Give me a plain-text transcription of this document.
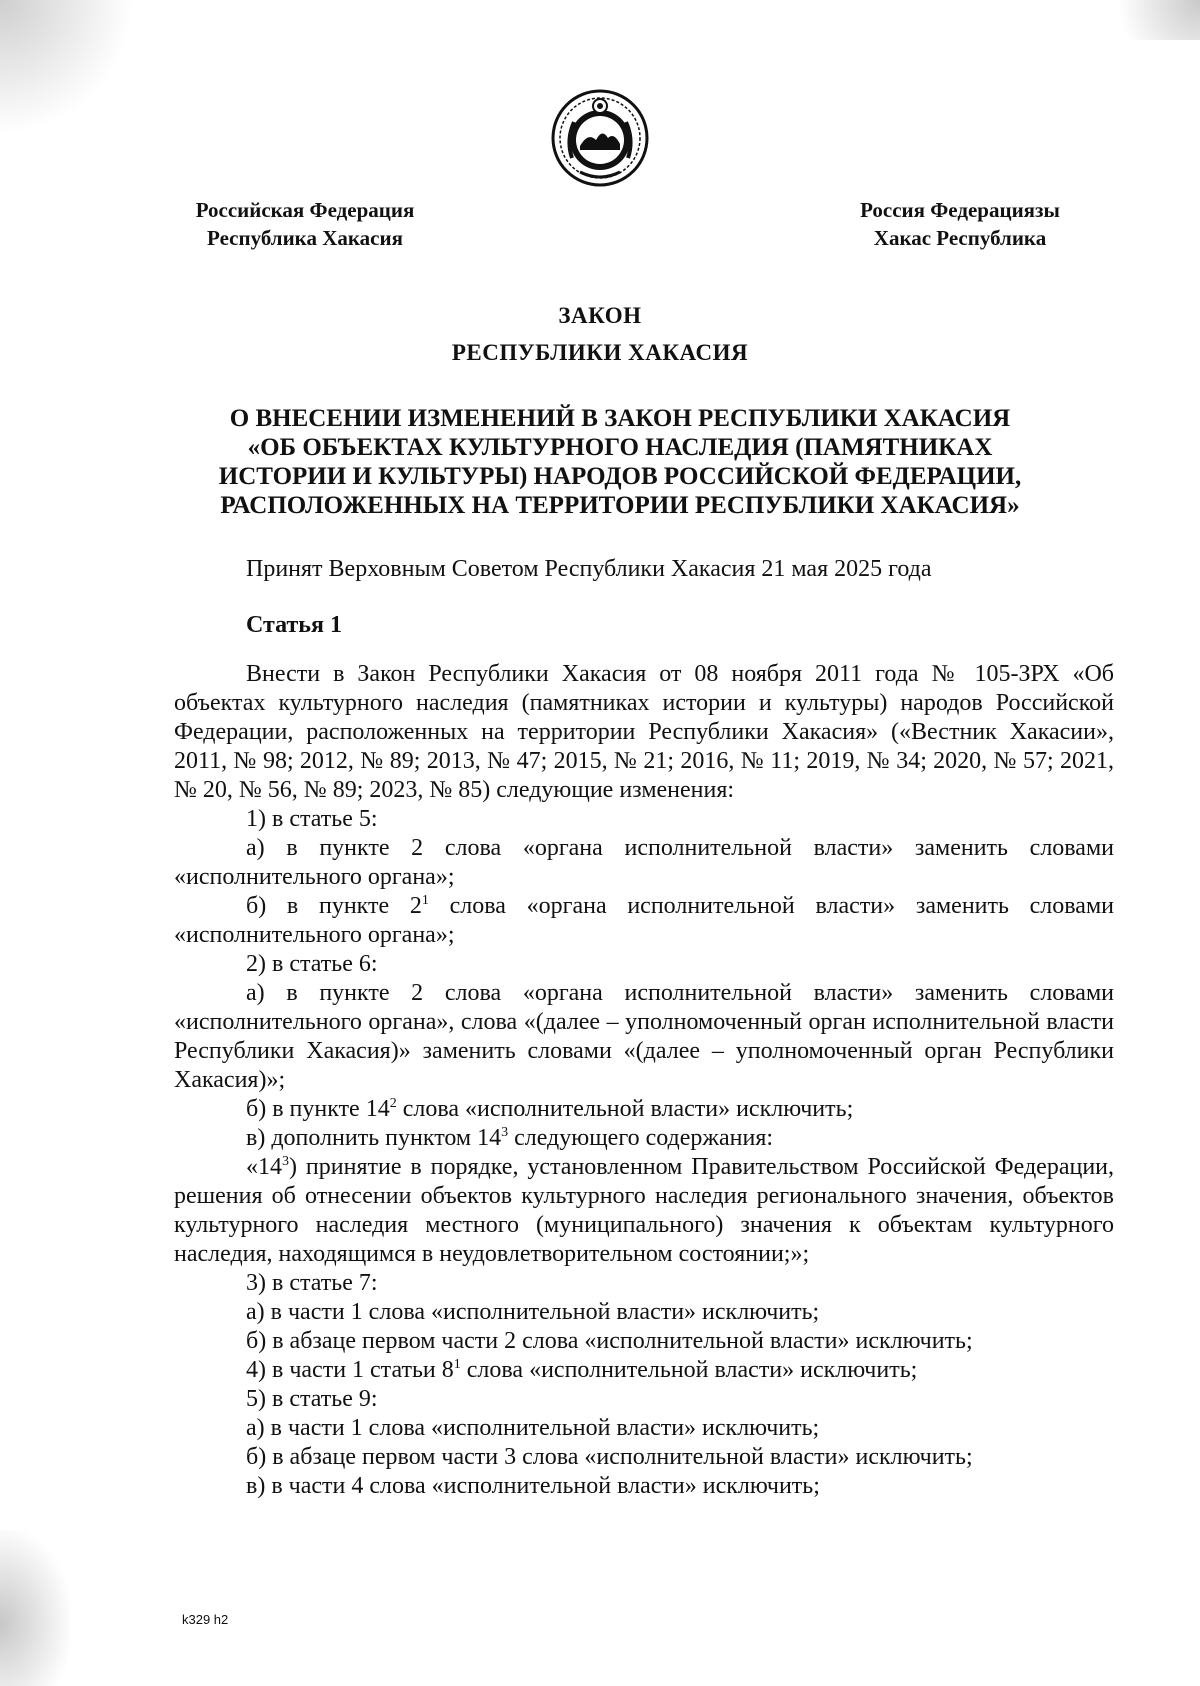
Российская Федерация
Республика Хакасия
Россия Федерациязы
Хакас Республика
ЗАКОН
РЕСПУБЛИКИ ХАКАСИЯ
О ВНЕСЕНИИ ИЗМЕНЕНИЙ В ЗАКОН РЕСПУБЛИКИ ХАКАСИЯ
«ОБ ОБЪЕКТАХ КУЛЬТУРНОГО НАСЛЕДИЯ (ПАМЯТНИКАХ
ИСТОРИИ И КУЛЬТУРЫ) НАРОДОВ РОССИЙСКОЙ ФЕДЕРАЦИИ,
РАСПОЛОЖЕННЫХ НА ТЕРРИТОРИИ РЕСПУБЛИКИ ХАКАСИЯ»
Принят Верховным Советом Республики Хакасия 21 мая 2025 года
Статья 1

Внести в Закон Республики Хакасия от 08 ноября 2011 года № 105-ЗРХ «Об объектах культурного наследия (памятниках истории и культуры) народов Российской Федерации, расположенных на территории Республики Хакасия» («Вестник Хакасии», 2011, № 98; 2012, № 89; 2013, № 47; 2015, № 21; 2016, № 11; 2019, № 34; 2020, № 57; 2021, № 20, № 56, № 89; 2023, № 85) следующие изменения:

1) в статье 5:

а) в пункте 2 слова «органа исполнительной власти» заменить словами «исполнительного органа»;

б) в пункте $2^1$ слова «органа исполнительной власти» заменить словами «исполнительного органа»;

2) в статье 6:

а) в пункте 2 слова «органа исполнительной власти» заменить словами «исполнительного органа», слова «(далее – уполномоченный орган исполнительной власти Республики Хакасия)» заменить словами «(далее – уполномоченный орган Республики Хакасия)»;

б) в пункте $14^2$ слова «исполнительной власти» исключить;

в) дополнить пунктом $14^3$ следующего содержания:

«$14^3$) принятие в порядке, установленном Правительством Российской Федерации, решения об отнесении объектов культурного наследия регионального значения, объектов культурного наследия местного (муниципального) значения к объектам культурного наследия, находящимся в неудовлетворительном состоянии;»;

3) в статье 7:

а) в части 1 слова «исполнительной власти» исключить;

б) в абзаце первом части 2 слова «исполнительной власти» исключить;

4) в части 1 статьи $8^1$ слова «исполнительной власти» исключить;

5) в статье 9:

а) в части 1 слова «исполнительной власти» исключить;

б) в абзаце первом части 3 слова «исполнительной власти» исключить;

в) в части 4 слова «исполнительной власти» исключить;

k329 h2
